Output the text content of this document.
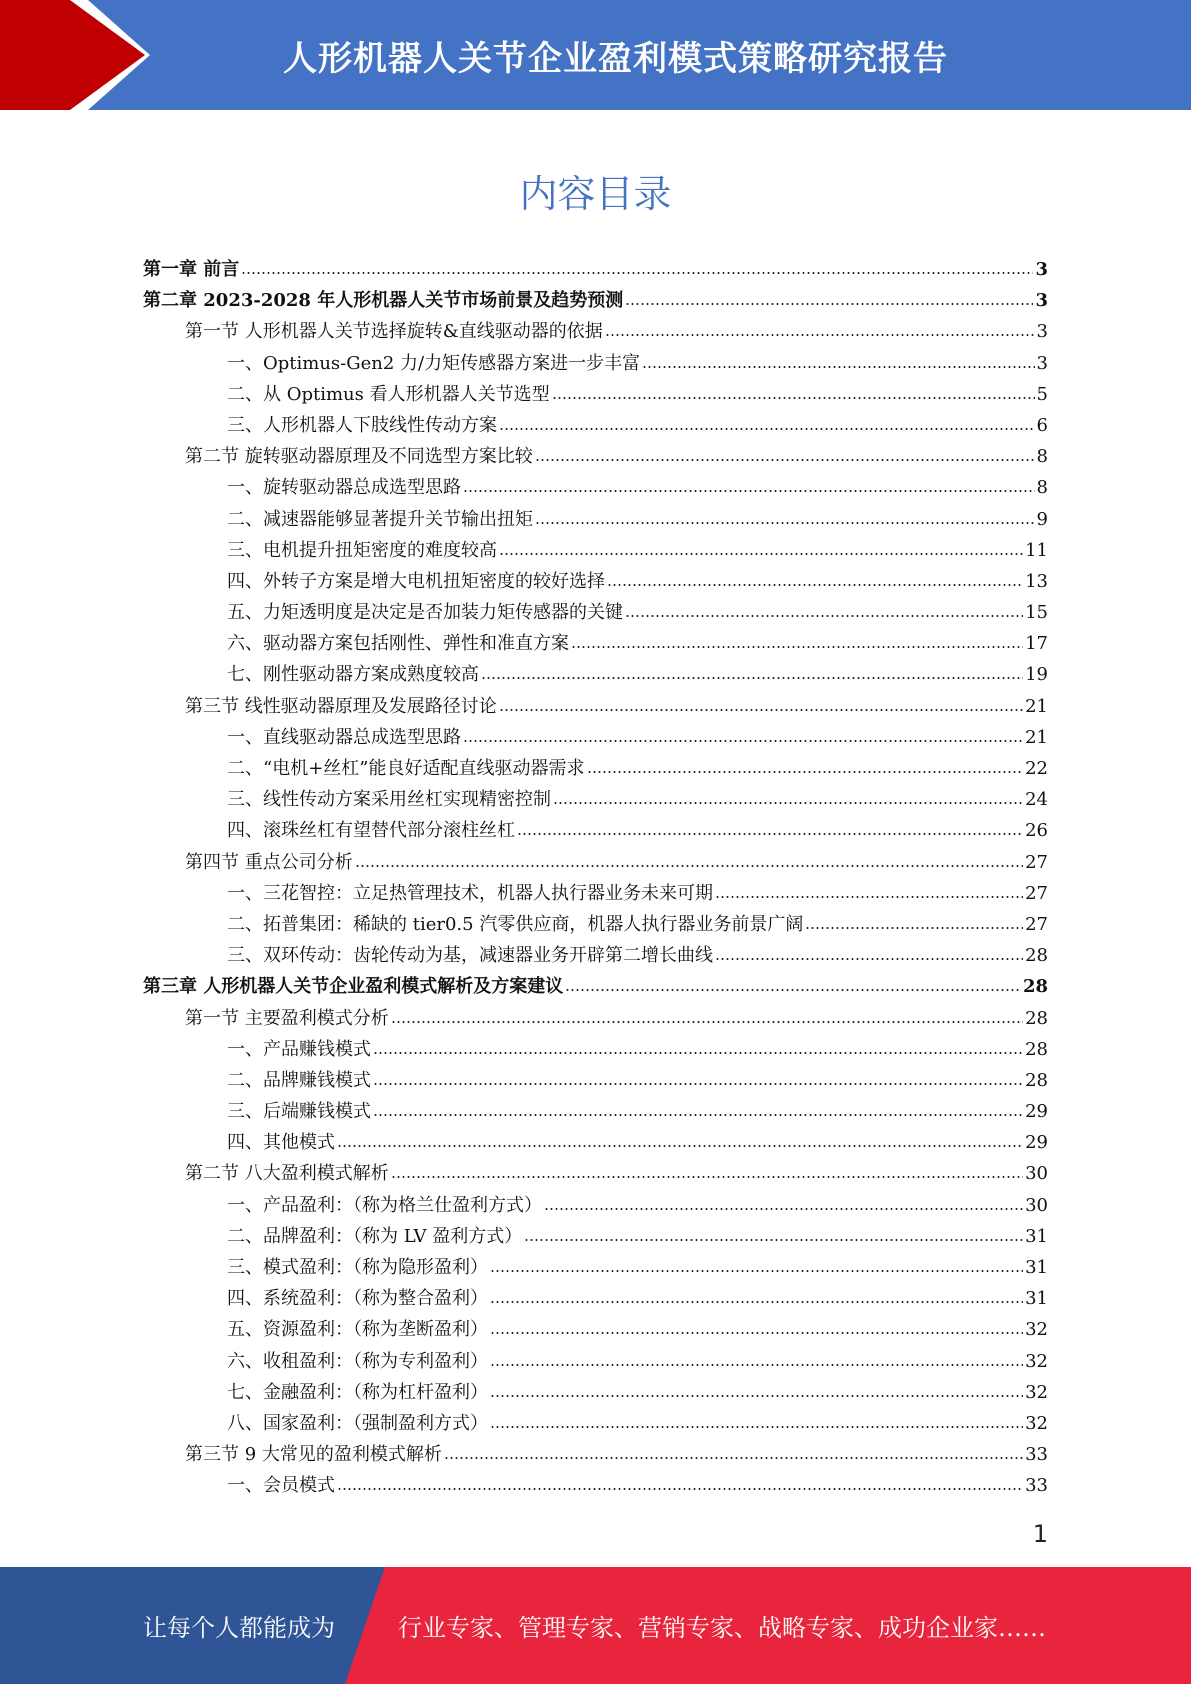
人形机器人关节企业盈利模式策略研究报告
内容目录
第一章 前言	3
第二章 2023-2028 年人形机器人关节市场前景及趋势预测	3
第一节 人形机器人关节选择旋转&直线驱动器的依据	3
一、Optimus-Gen2 力/力矩传感器方案进一步丰富	3
二、从 Optimus 看人形机器人关节选型	5
三、人形机器人下肢线性传动方案	6
第二节 旋转驱动器原理及不同选型方案比较	8
一、旋转驱动器总成选型思路	8
二、减速器能够显著提升关节输出扭矩	9
三、电机提升扭矩密度的难度较高	11
四、外转子方案是增大电机扭矩密度的较好选择	13
五、力矩透明度是决定是否加装力矩传感器的关键	15
六、驱动器方案包括刚性、弹性和准直方案	17
七、刚性驱动器方案成熟度较高	19
第三节 线性驱动器原理及发展路径讨论	21
一、直线驱动器总成选型思路	21
二、“电机+丝杠”能良好适配直线驱动器需求	22
三、线性传动方案采用丝杠实现精密控制	24
四、滚珠丝杠有望替代部分滚柱丝杠	26
第四节 重点公司分析	27
一、三花智控：立足热管理技术，机器人执行器业务未来可期	27
二、拓普集团：稀缺的 tier0.5 汽零供应商，机器人执行器业务前景广阔	27
三、双环传动：齿轮传动为基，减速器业务开辟第二增长曲线	28
第三章 人形机器人关节企业盈利模式解析及方案建议	28
第一节 主要盈利模式分析	28
一、产品赚钱模式	28
二、品牌赚钱模式	28
三、后端赚钱模式	29
四、其他模式	29
第二节 八大盈利模式解析	30
一、产品盈利：（称为格兰仕盈利方式）	30
二、品牌盈利：（称为 LV 盈利方式）	31
三、模式盈利：（称为隐形盈利）	31
四、系统盈利：（称为整合盈利）	31
五、资源盈利：（称为垄断盈利）	32
六、收租盈利：（称为专利盈利）	32
七、金融盈利：（称为杠杆盈利）	32
八、国家盈利：（强制盈利方式）	32
第三节 9 大常见的盈利模式解析	33
一、会员模式	33
1
让每个人都能成为	行业专家、管理专家、营销专家、战略专家、成功企业家……
